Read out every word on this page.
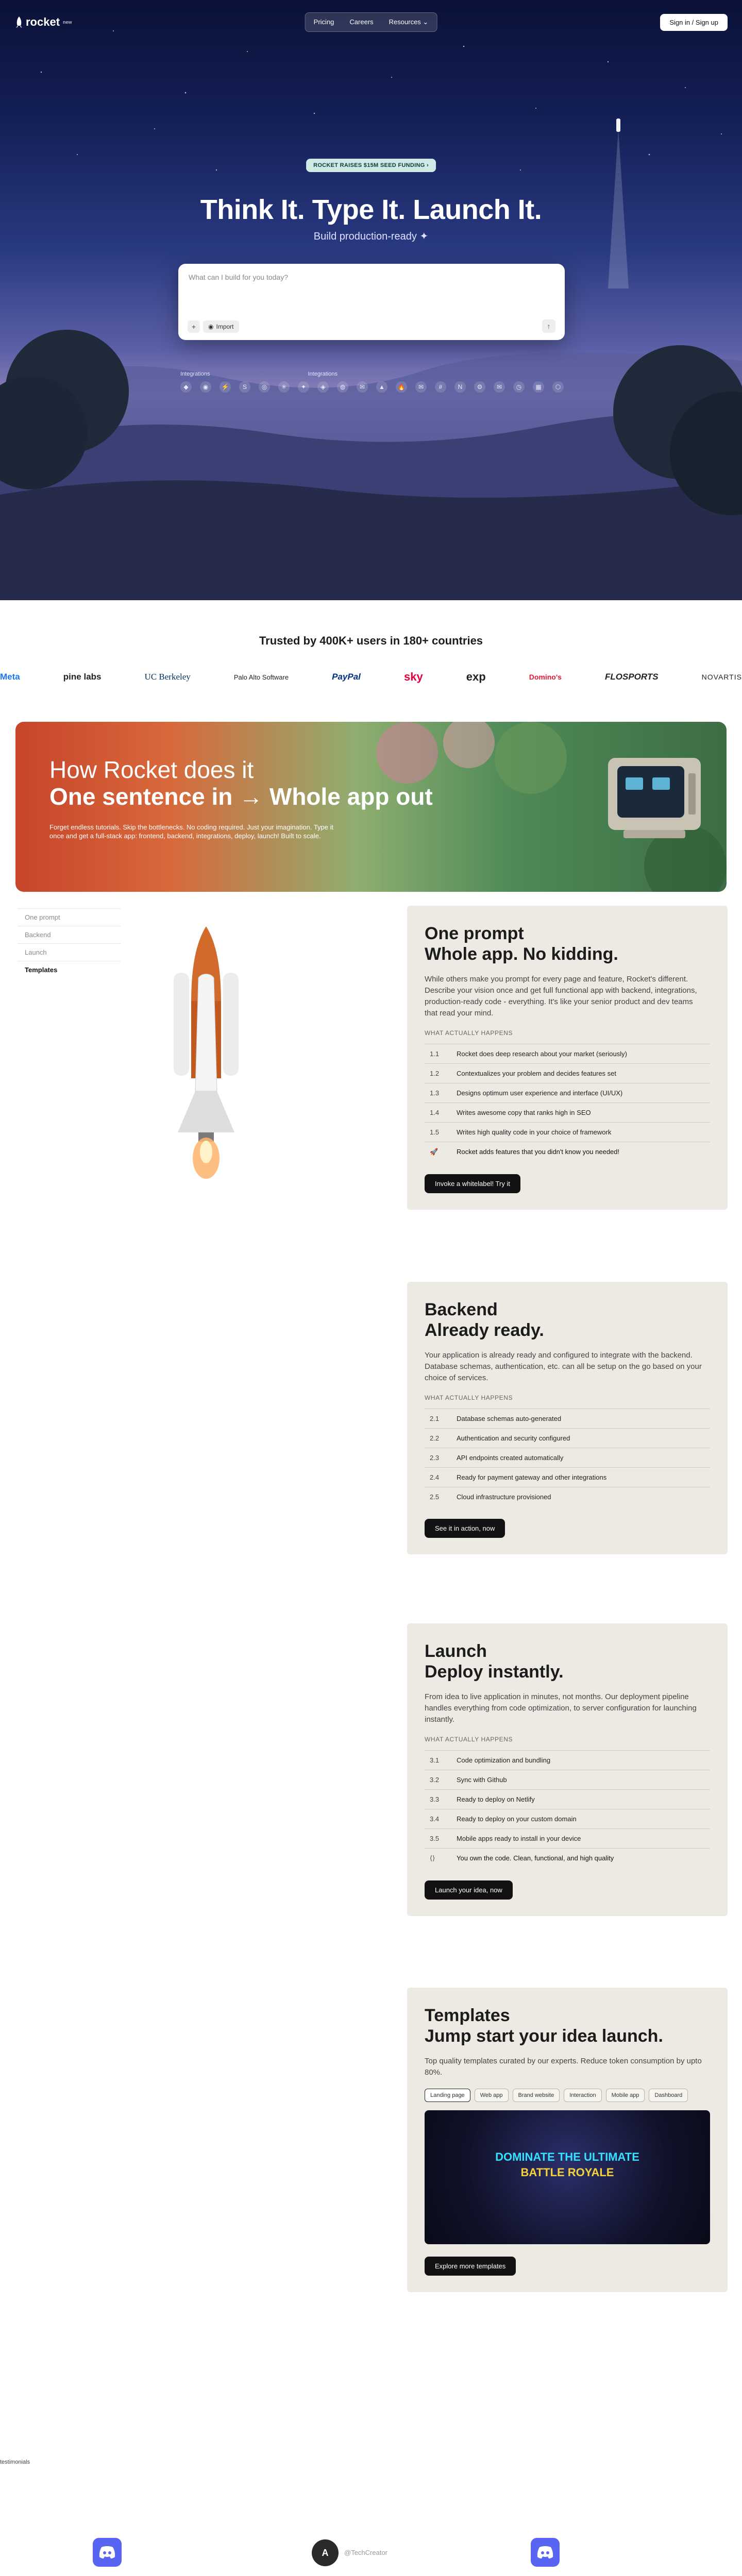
rocket new	Pricing	Careers	Resources ⌄	Sign in / Sign up
ROCKET RAISES $15M SEED FUNDING ›
Think It. Type It. Launch It.
Build production-ready ✦
What can I build for you today?
+	◉ Import	↑
Integrations	Integrations
◆	◉	⚡	S	◎	✳	✦	◈	◍	✉	▲	🔥	✉	#	N	⚙	✉	◷	▦	⬡
Trusted by 400K+ users in 180+ countries
Meta	pine labs	UC Berkeley	Palo Alto Software	PayPal	sky	exp	Domino's	FLOSPORTS	NOVARTIS
How Rocket does it
One sentence in → Whole app out

Forget endless tutorials. Skip the bottlenecks. No coding required. Just your imagination. Type it once and get a full-stack app: frontend, backend, integrations, deploy, launch! Built to scale.

One prompt
Backend
Launch
Templates
One prompt
Whole app. No kidding.

While others make you prompt for every page and feature, Rocket's different. Describe your vision once and get full functional app with backend, integrations, production-ready code - everything. It's like your senior product and dev teams that read your mind.

WHAT ACTUALLY HAPPENS
1.1	Rocket does deep research about your market (seriously)
1.2	Contextualizes your problem and decides features set
1.3	Designs optimum user experience and interface (UI/UX)
1.4	Writes awesome copy that ranks high in SEO
1.5	Writes high quality code in your choice of framework
🚀	Rocket adds features that you didn't know you needed!
Invoke a whitelabel! Try it
Backend
Already ready.

Your application is already ready and configured to integrate with the backend. Database schemas, authentication, etc. can all be setup on the go based on your choice of services.

WHAT ACTUALLY HAPPENS
2.1	Database schemas auto-generated
2.2	Authentication and security configured
2.3	API endpoints created automatically
2.4	Ready for payment gateway and other integrations
2.5	Cloud infrastructure provisioned
See it in action, now
Launch
Deploy instantly.

From idea to live application in minutes, not months. Our deployment pipeline handles everything from code optimization, to server configuration for launching instantly.

WHAT ACTUALLY HAPPENS
3.1	Code optimization and bundling
3.2	Sync with Github
3.3	Ready to deploy on Netlify
3.4	Ready to deploy on your custom domain
3.5	Mobile apps ready to install in your device
⟨⟩	You own the code. Clean, functional, and high quality
Launch your idea, now
Templates
Jump start your idea launch.

Top quality templates curated by our experts. Reduce token consumption by upto 80%.

Landing page	Web app	Brand website	Interaction	Mobile app	Dashboard
DOMINATE THE ULTIMATE
BATTLE ROYALE
Explore more templates
testimonials
A	@TechCreator
